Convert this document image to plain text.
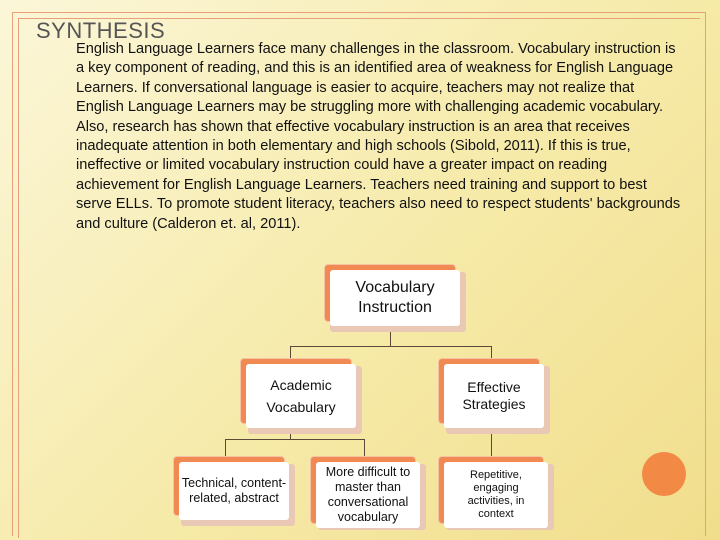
SYNTHESIS
English Language Learners face many challenges in the classroom. Vocabulary instruction is a key component of reading, and this is an identified area of weakness for English Language Learners. If conversational language is easier to acquire, teachers may not realize that English Language Learners may be struggling more with challenging academic vocabulary. Also, research has shown that effective vocabulary instruction is an area that receives inadequate attention in both elementary and high schools (Sibold, 2011). If this is true, ineffective or limited vocabulary instruction could have a greater impact on reading achievement for English Language Learners. Teachers need training and support to best serve ELLs. To promote student literacy, teachers also need to respect students' backgrounds and culture (Calderon et. al, 2011).
Vocabulary Instruction
Academic Vocabulary
Effective Strategies
Technical, content- related, abstract
More difficult to master than conversational vocabulary
Repetitive, engaging activities, in context
